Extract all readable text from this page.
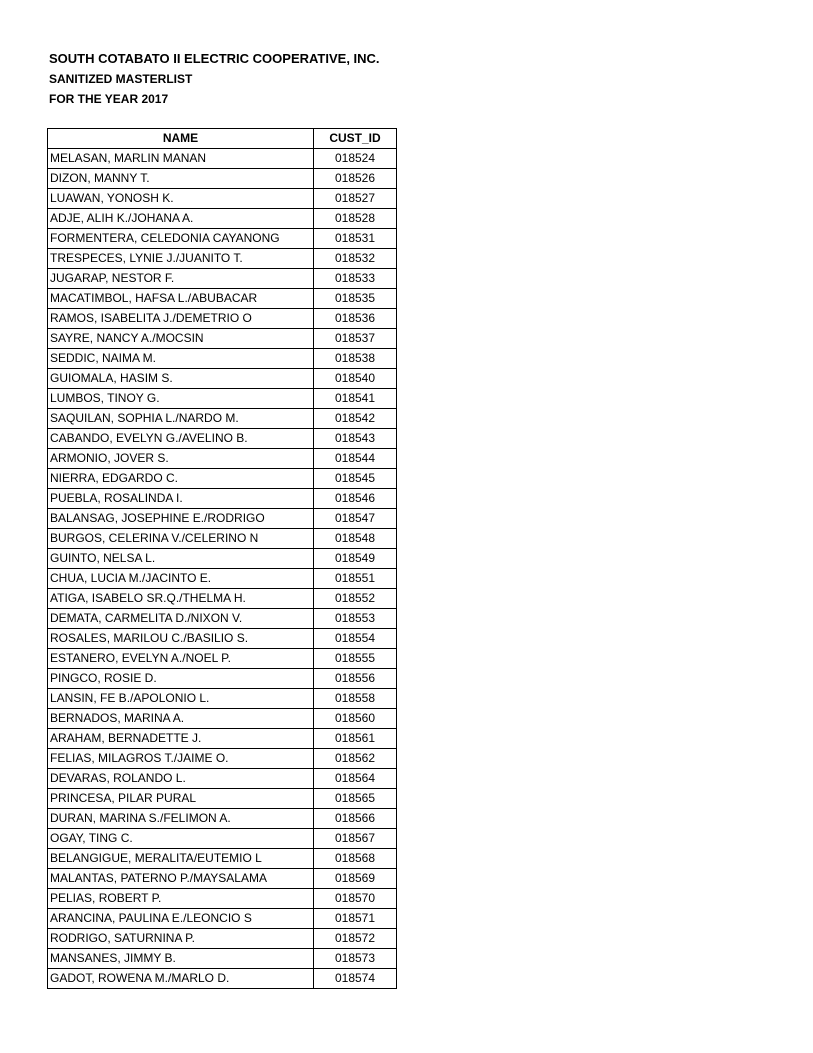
SOUTH COTABATO II ELECTRIC COOPERATIVE, INC.
SANITIZED MASTERLIST
FOR THE YEAR 2017
NAME	CUST_ID
MELASAN, MARLIN MANAN	018524
DIZON, MANNY T.	018526
LUAWAN, YONOSH K.	018527
ADJE, ALIH K./JOHANA A.	018528
FORMENTERA, CELEDONIA CAYANONG	018531
TRESPECES, LYNIE J./JUANITO T.	018532
JUGARAP, NESTOR F.	018533
MACATIMBOL, HAFSA L./ABUBACAR	018535
RAMOS, ISABELITA J./DEMETRIO O	018536
SAYRE, NANCY A./MOCSIN	018537
SEDDIC, NAIMA M.	018538
GUIOMALA, HASIM S.	018540
LUMBOS, TINOY G.	018541
SAQUILAN, SOPHIA L./NARDO M.	018542
CABANDO, EVELYN G./AVELINO B.	018543
ARMONIO, JOVER S.	018544
NIERRA, EDGARDO C.	018545
PUEBLA, ROSALINDA I.	018546
BALANSAG, JOSEPHINE E./RODRIGO	018547
BURGOS, CELERINA V./CELERINO N	018548
GUINTO, NELSA L.	018549
CHUA, LUCIA M./JACINTO E.	018551
ATIGA, ISABELO SR.Q./THELMA H.	018552
DEMATA, CARMELITA D./NIXON V.	018553
ROSALES, MARILOU C./BASILIO S.	018554
ESTANERO, EVELYN A./NOEL P.	018555
PINGCO, ROSIE D.	018556
LANSIN, FE B./APOLONIO L.	018558
BERNADOS, MARINA A.	018560
ARAHAM, BERNADETTE J.	018561
FELIAS, MILAGROS T./JAIME O.	018562
DEVARAS, ROLANDO L.	018564
PRINCESA, PILAR PURAL	018565
DURAN, MARINA S./FELIMON A.	018566
OGAY, TING C.	018567
BELANGIGUE, MERALITA/EUTEMIO L	018568
MALANTAS, PATERNO P./MAYSALAMA	018569
PELIAS, ROBERT P.	018570
ARANCINA, PAULINA E./LEONCIO S	018571
RODRIGO, SATURNINA P.	018572
MANSANES, JIMMY B.	018573
GADOT, ROWENA M./MARLO D.	018574
